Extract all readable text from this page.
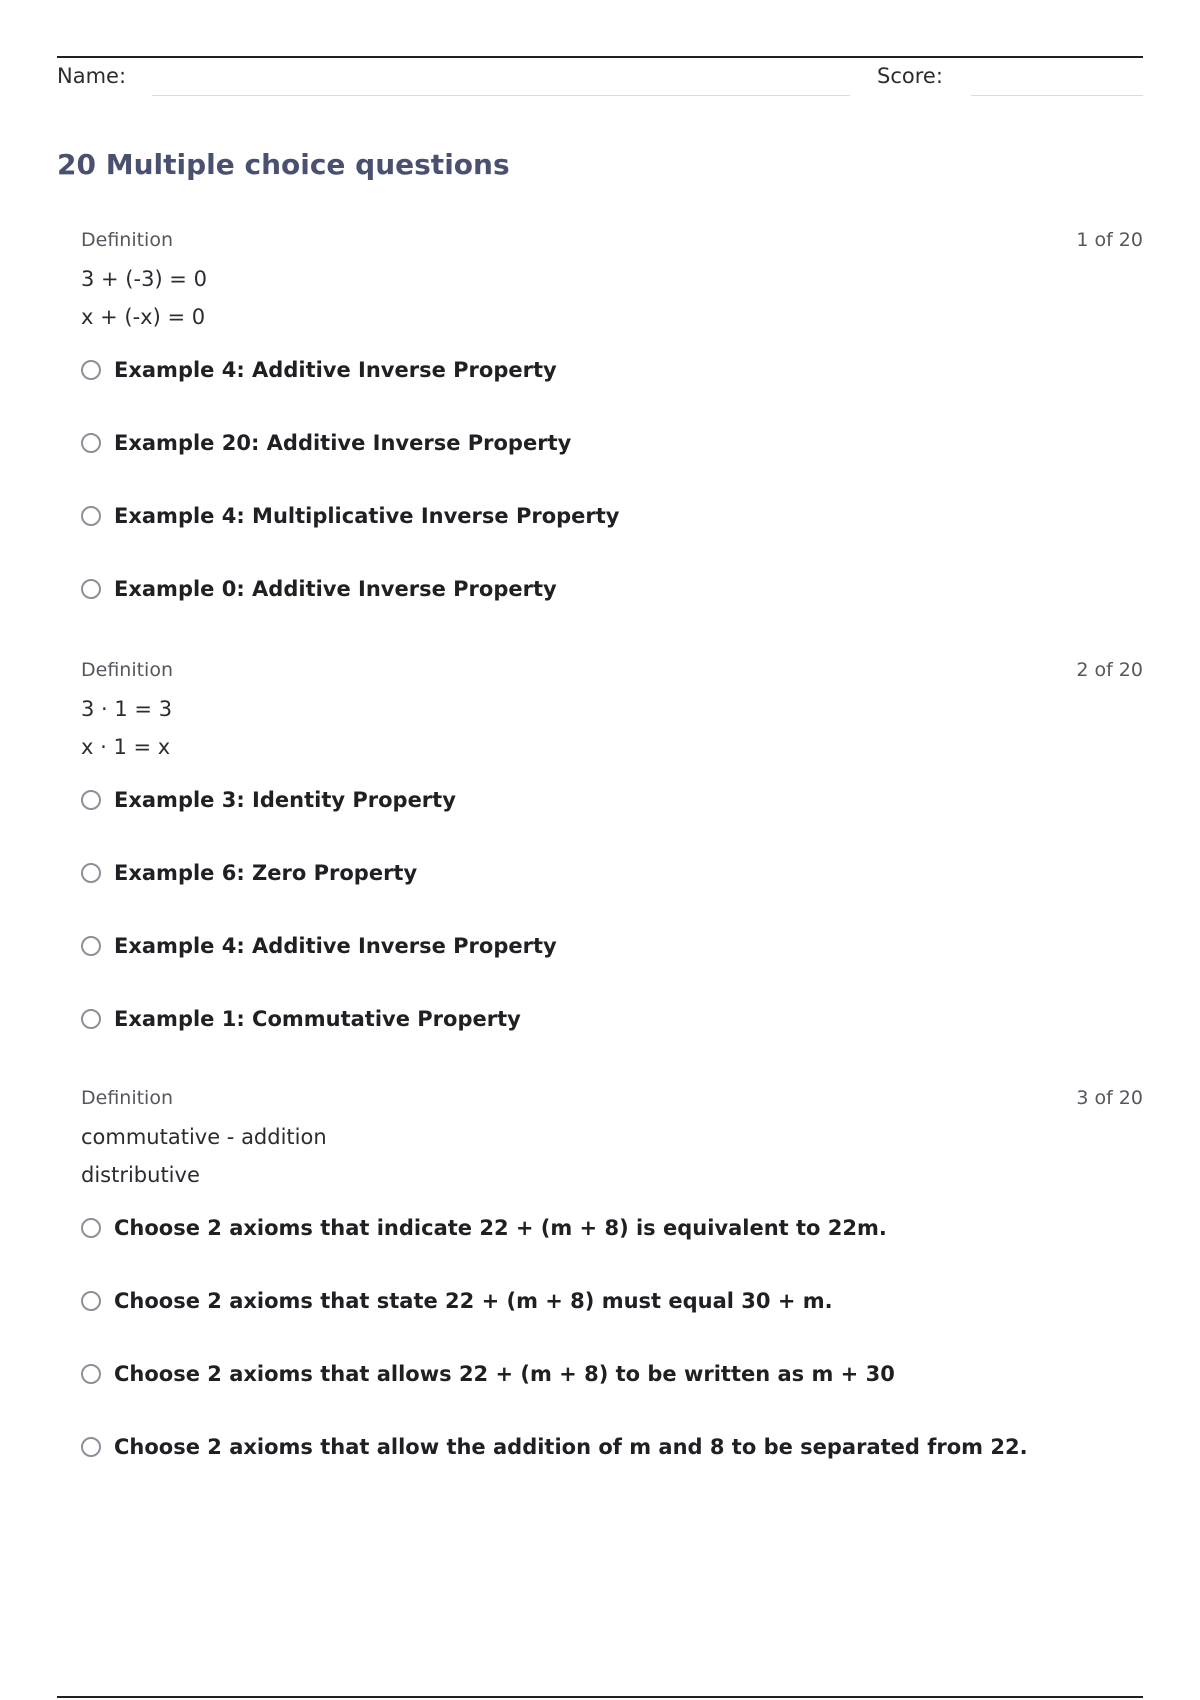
Name:	Score:
20 Multiple choice questions
Definition	1 of 20
3 + (-3) = 0
x + (-x) = 0
Example 4: Additive Inverse Property
Example 20: Additive Inverse Property
Example 4: Multiplicative Inverse Property
Example 0: Additive Inverse Property
Definition	2 of 20
3 · 1 = 3
x · 1 = x
Example 3: Identity Property
Example 6: Zero Property
Example 4: Additive Inverse Property
Example 1: Commutative Property
Definition	3 of 20
commutative - addition
distributive
Choose 2 axioms that indicate 22 + (m + 8) is equivalent to 22m.
Choose 2 axioms that state 22 + (m + 8) must equal 30 + m.
Choose 2 axioms that allows 22 + (m + 8) to be written as m + 30
Choose 2 axioms that allow the addition of m and 8 to be separated from 22.
